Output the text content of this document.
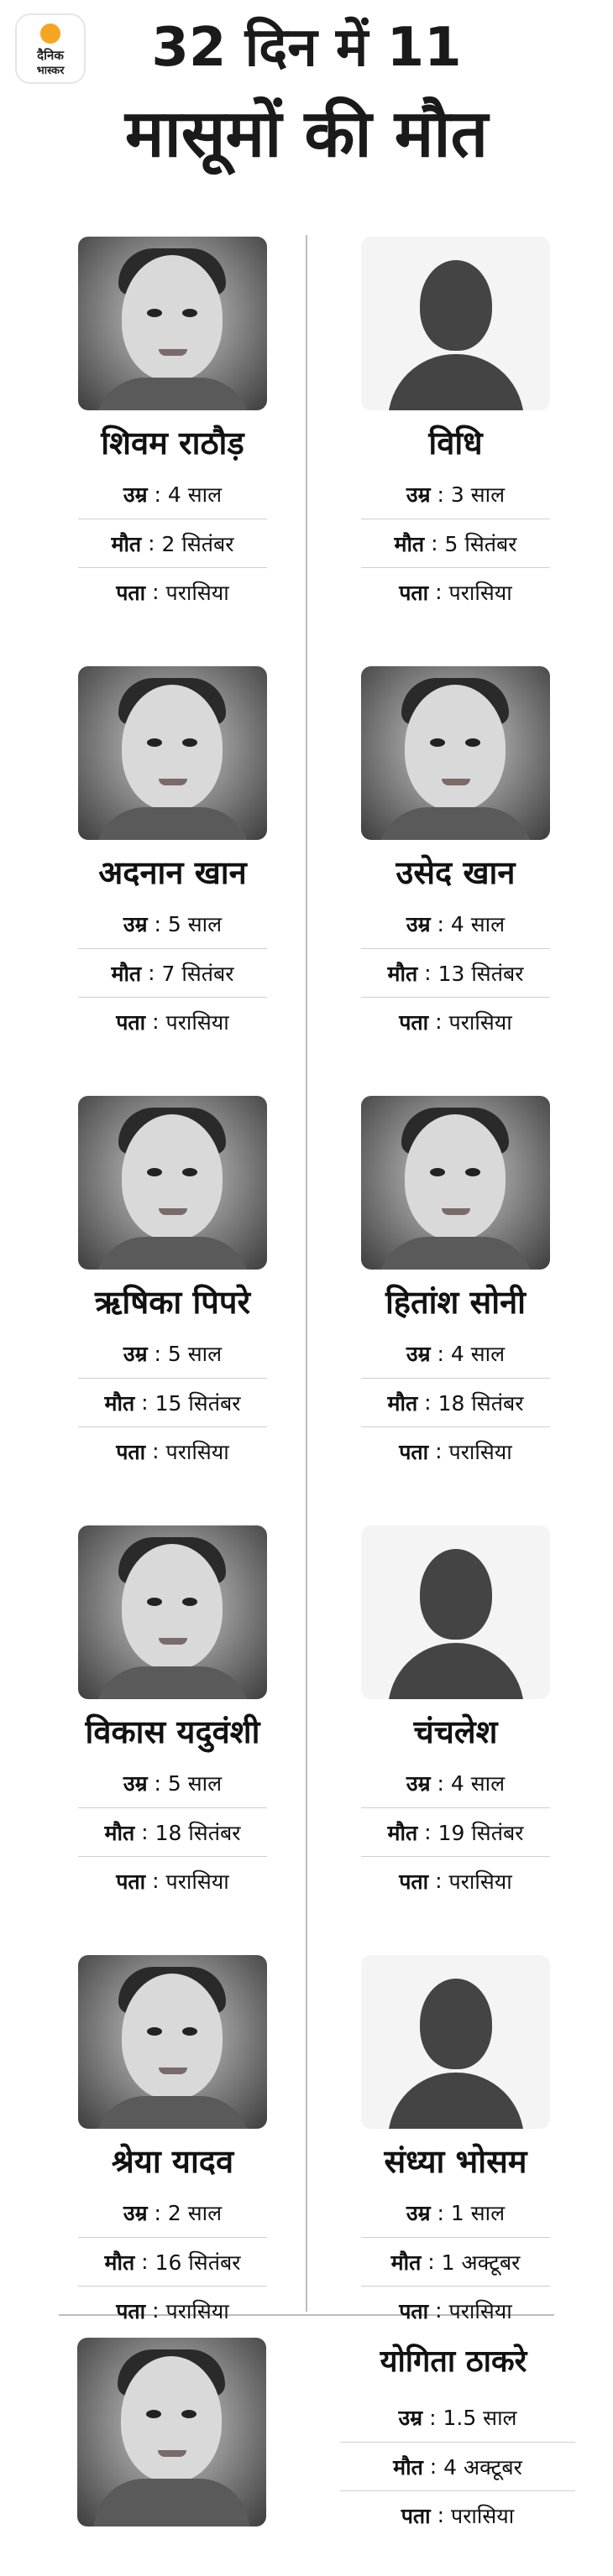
दैनिक
भास्कर	32 दिन में 11
मासूमों की मौत
शिवम राठौड़
उम्र : 4 साल
मौत : 2 सितंबर
पता : परासिया
विधि
उम्र : 3 साल
मौत : 5 सितंबर
पता : परासिया
अदनान खान
उम्र : 5 साल
मौत : 7 सितंबर
पता : परासिया
उसेद खान
उम्र : 4 साल
मौत : 13 सितंबर
पता : परासिया
ऋषिका पिपरे
उम्र : 5 साल
मौत : 15 सितंबर
पता : परासिया
हितांश सोनी
उम्र : 4 साल
मौत : 18 सितंबर
पता : परासिया
विकास यदुवंशी
उम्र : 5 साल
मौत : 18 सितंबर
पता : परासिया
चंचलेश
उम्र : 4 साल
मौत : 19 सितंबर
पता : परासिया
श्रेया यादव
उम्र : 2 साल
मौत : 16 सितंबर
पता : परासिया
संध्या भोसम
उम्र : 1 साल
मौत : 1 अक्टूबर
पता : परासिया
योगिता ठाकरे
उम्र : 1.5 साल
मौत : 4 अक्टूबर
पता : परासिया
